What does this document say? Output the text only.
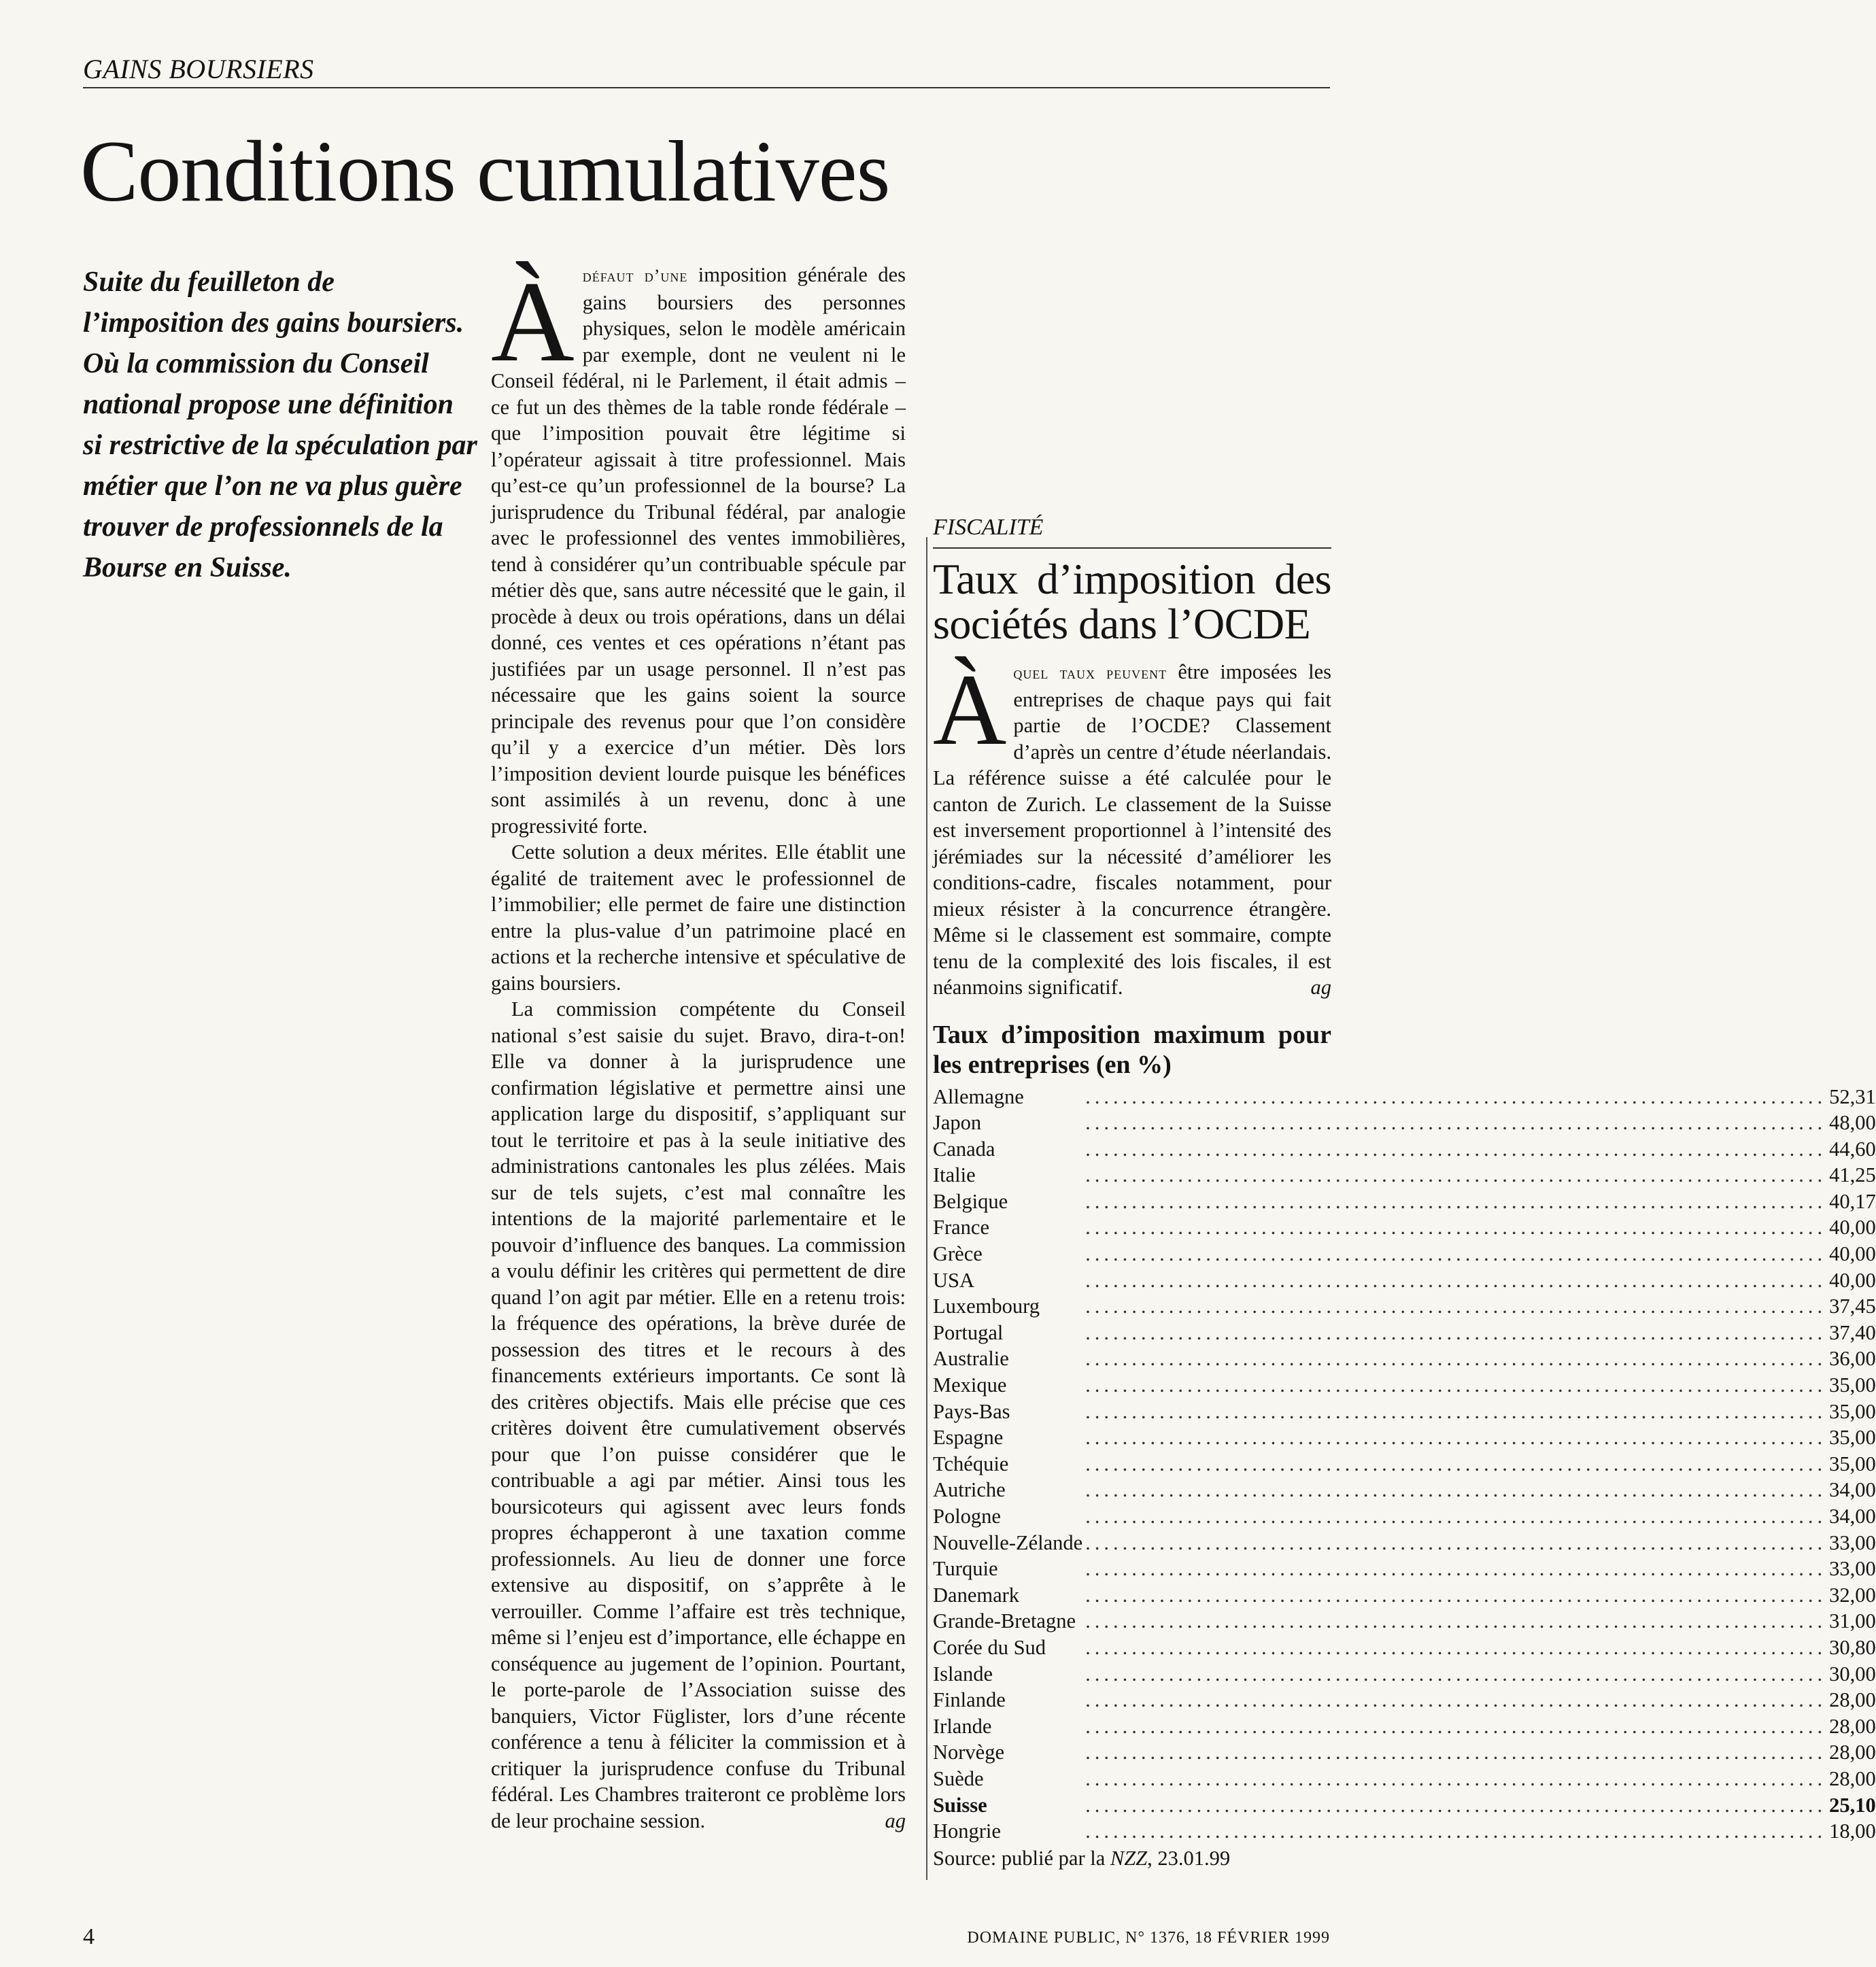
GAINS BOURSIERS
Conditions cumulatives

Suite du feuilleton de l’imposition des gains boursiers.

Où la commission du Conseil national propose une définition si restrictive de la spéculation par métier que l’on ne va plus guère trouver de professionnels de la Bourse en Suisse.

Àdéfaut d’une imposition générale des gains boursiers des personnes physiques, selon le modèle américain par exemple, dont ne veulent ni le Conseil fédéral, ni le Parlement, il était admis – ce fut un des thèmes de la table ronde fédérale – que l’imposition pouvait être légitime si l’opérateur agissait à titre professionnel. Mais qu’est-ce qu’un professionnel de la bourse? La jurisprudence du Tribunal fédéral, par analogie avec le professionnel des ventes immobilières, tend à considérer qu’un contribuable spécule par métier dès que, sans autre nécessité que le gain, il procède à deux ou trois opérations, dans un délai donné, ces ventes et ces opérations n’étant pas justifiées par un usage personnel. Il n’est pas nécessaire que les gains soient la source principale des revenus pour que l’on considère qu’il y a exercice d’un métier. Dès lors l’imposition devient lourde puisque les bénéfices sont assimilés à un revenu, donc à une progressivité forte.

Cette solution a deux mérites. Elle établit une égalité de traitement avec le professionnel de l’immobilier; elle permet de faire une distinction entre la plus-value d’un patrimoine placé en actions et la recherche intensive et spéculative de gains boursiers.

La commission compétente du Conseil national s’est saisie du sujet. Bravo, dira-t-on! Elle va donner à la jurisprudence une confirmation législative et permettre ainsi une application large du dispositif, s’appliquant sur tout le territoire et pas à la seule initiative des administrations cantonales les plus zélées. Mais sur de tels sujets, c’est mal connaître les intentions de la majorité parlementaire et le pouvoir d’influence des banques. La commission a voulu définir les critères qui permettent de dire quand l’on agit par métier. Elle en a retenu trois: la fréquence des opérations, la brève durée de possession des titres et le recours à des financements extérieurs importants. Ce sont là des critères objectifs. Mais elle précise que ces critères doivent être cumulativement observés pour que l’on puisse considérer que le contribuable a agi par métier. Ainsi tous les boursicoteurs qui agissent avec leurs fonds propres échapperont à une taxation comme professionnels. Au lieu de donner une force extensive au dispositif, on s’apprête à le verrouiller. Comme l’affaire est très technique, même si l’enjeu est d’importance, elle échappe en conséquence au jugement de l’opinion. Pourtant, le porte-parole de l’Association suisse des banquiers, Victor Füglister, lors d’une récente conférence a tenu à féliciter la commission et à critiquer la jurisprudence confuse du Tribunal fédéral. Les Chambres traiteront ce problème lors de leur prochaine session.	ag

FISCALITÉ

Taux d’imposition des sociétés dans l’OCDE

Àquel taux peuvent être imposées les entreprises de chaque pays qui fait partie de l’OCDE? Classement d’après un centre d’étude néerlandais. La référence suisse a été calculée pour le canton de Zurich. Le classement de la Suisse est inversement proportionnel à l’intensité des jérémiades sur la nécessité d’améliorer les conditions-cadre, fiscales notamment, pour mieux résister à la concurrence étrangère. Même si le classement est sommaire, compte tenu de la complexité des lois fiscales, il est néanmoins significatif.	ag

Taux d’imposition maximum pour les entreprises (en %)
Allemagne	................................................................................	52,31
Japon	................................................................................	48,00
Canada	................................................................................	44,60
Italie	................................................................................	41,25
Belgique	................................................................................	40,17
France	................................................................................	40,00
Grèce	................................................................................	40,00
USA	................................................................................	40,00
Luxembourg	................................................................................	37,45
Portugal	................................................................................	37,40
Australie	................................................................................	36,00
Mexique	................................................................................	35,00
Pays-Bas	................................................................................	35,00
Espagne	................................................................................	35,00
Tchéquie	................................................................................	35,00
Autriche	................................................................................	34,00
Pologne	................................................................................	34,00
Nouvelle-Zélande	................................................................................	33,00
Turquie	................................................................................	33,00
Danemark	................................................................................	32,00
Grande-Bretagne	................................................................................	31,00
Corée du Sud	................................................................................	30,80
Islande	................................................................................	30,00
Finlande	................................................................................	28,00
Irlande	................................................................................	28,00
Norvège	................................................................................	28,00
Suède	................................................................................	28,00
Suisse	................................................................................	25,10
Hongrie	................................................................................	18,00
Source: publié par la NZZ, 23.01.99
4	DOMAINE PUBLIC, N° 1376, 18 FÉVRIER 1999
